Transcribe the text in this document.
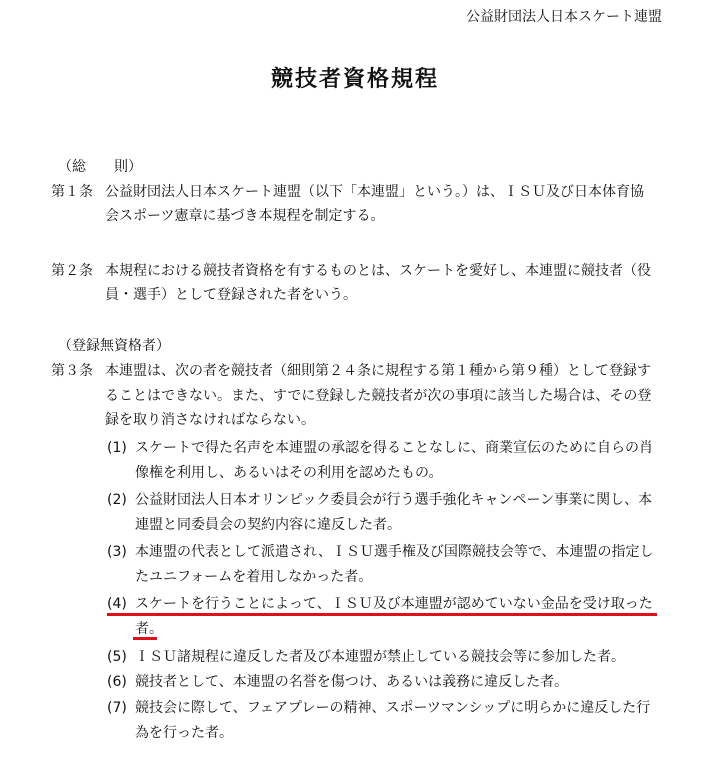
公益財団法人日本スケート連盟
競技者資格規程
（総　　則）
第１条 公益財団法人日本スケート連盟（以下「本連盟」という。）は、ＩＳＵ及び日本体育協
会スポーツ憲章に基づき本規程を制定する。
第２条 本規程における競技者資格を有するものとは、スケートを愛好し、本連盟に競技者（役
員・選手）として登録された者をいう。
（登録無資格者）
第３条 本連盟は、次の者を競技者（細則第２４条に規程する第１種から第９種）として登録す
ることはできない。また、すでに登録した競技者が次の事項に該当した場合は、その登
録を取り消さなければならない。
(1) スケートで得た名声を本連盟の承認を得ることなしに、商業宣伝のために自らの肖
像権を利用し、あるいはその利用を認めたもの。
(2) 公益財団法人日本オリンピック委員会が行う選手強化キャンペーン事業に関し、本
連盟と同委員会の契約内容に違反した者。
(3) 本連盟の代表として派遣され、ＩＳＵ選手権及び国際競技会等で、本連盟の指定し
たユニフォームを着用しなかった者。
(4) スケートを行うことによって、ＩＳＵ及び本連盟が認めていない金品を受け取った
者。
(5) ＩＳＵ諸規程に違反した者及び本連盟が禁止している競技会等に参加した者。
(6) 競技者として、本連盟の名誉を傷つけ、あるいは義務に違反した者。
(7) 競技会に際して、フェアプレーの精神、スポーツマンシップに明らかに違反した行
為を行った者。
